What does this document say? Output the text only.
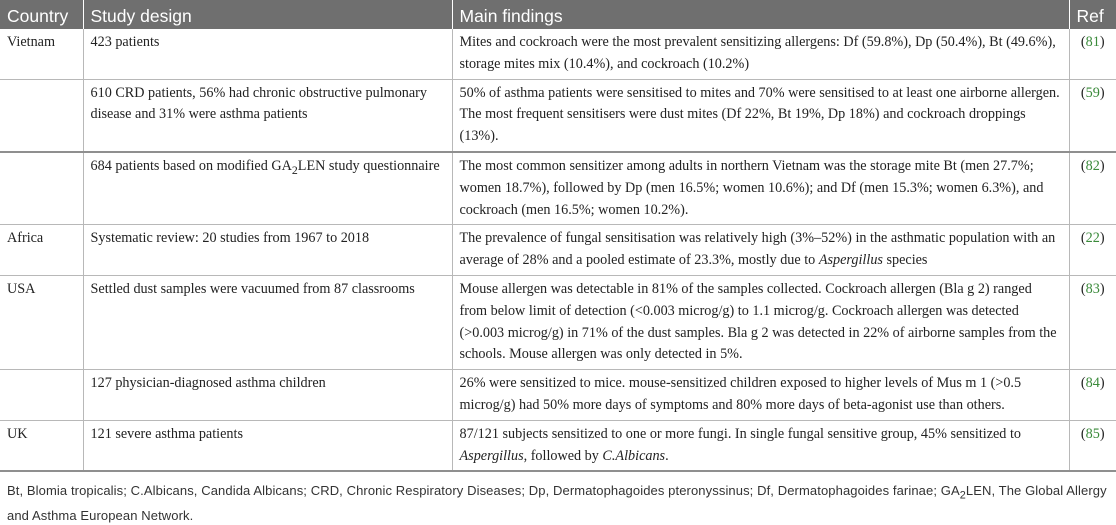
Country	Study design	Main findings	Ref
Vietnam	423 patients	Mites and cockroach were the most prevalent sensitizing allergens: Df (59.8%), Dp (50.4%), Bt (49.6%), storage mites mix (10.4%), and cockroach (10.2%)	(81)
	610 CRD patients, 56% had chronic obstructive pulmonary disease and 31% were asthma patients	50% of asthma patients were sensitised to mites and 70% were sensitised to at least one airborne allergen. The most frequent sensitisers were dust mites (Df 22%, Bt 19%, Dp 18%) and cockroach droppings (13%).	(59)
	684 patients based on modified $GA_2LEN$ study questionnaire	The most common sensitizer among adults in northern Vietnam was the storage mite Bt (men 27.7%; women 18.7%), followed by Dp (men 16.5%; women 10.6%); and Df (men 15.3%; women 6.3%), and cockroach (men 16.5%; women 10.2%).	(82)
Africa	Systematic review: 20 studies from 1967 to 2018	The prevalence of fungal sensitisation was relatively high (3%–52%) in the asthmatic population with an average of 28% and a pooled estimate of 23.3%, mostly due to Aspergillus species	(22)
USA	Settled dust samples were vacuumed from 87 classrooms	Mouse allergen was detectable in 81% of the samples collected. Cockroach allergen (Bla g 2) ranged from below limit of detection (<0.003 microg/g) to 1.1 microg/g. Cockroach allergen was detected (>0.003 microg/g) in 71% of the dust samples. Bla g 2 was detected in 22% of airborne samples from the schools. Mouse allergen was only detected in 5%.	(83)
	127 physician-diagnosed asthma children	26% were sensitized to mice. mouse-sensitized children exposed to higher levels of Mus m 1 (>0.5 microg/g) had 50% more days of symptoms and 80% more days of beta-agonist use than others.	(84)
UK	121 severe asthma patients	87/121 subjects sensitized to one or more fungi. In single fungal sensitive group, 45% sensitized to Aspergillus, followed by C.Albicans.	(85)
Bt, Blomia tropicalis; C.Albicans, Candida Albicans; CRD, Chronic Respiratory Diseases; Dp, Dermatophagoides pteronyssinus; Df, Dermatophagoides farinae; $GA_2LEN$, The Global Allergy and Asthma European Network.
